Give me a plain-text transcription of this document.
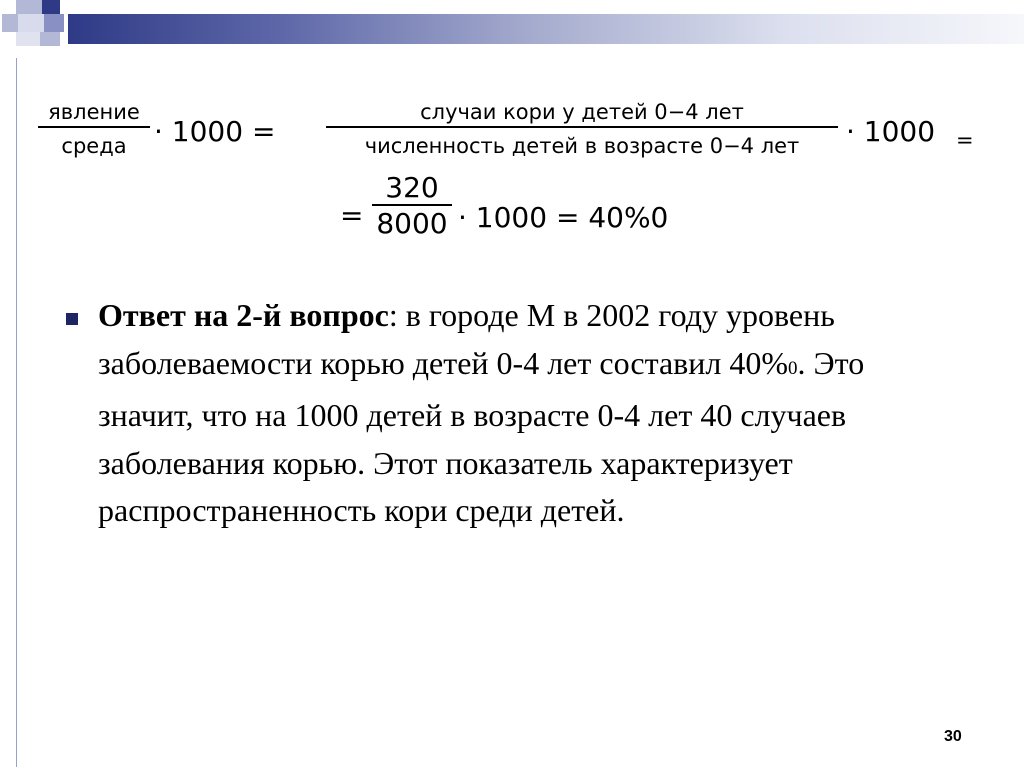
явление
среда · 1000 =
случаи кори у детей 0−4 лет
численность детей в возрасте 0−4 лет · 1000 =
=
320
8000 · 1000 = 40%0
Ответ на 2-й вопрос: в городе М в 2002 году уровень заболеваемости корью детей 0-4 лет составил 40%0. Это значит, что на 1000 детей в возрасте 0-4 лет 40 случаев заболевания корью. Этот показатель характеризует распространенность кори среди детей.
30
